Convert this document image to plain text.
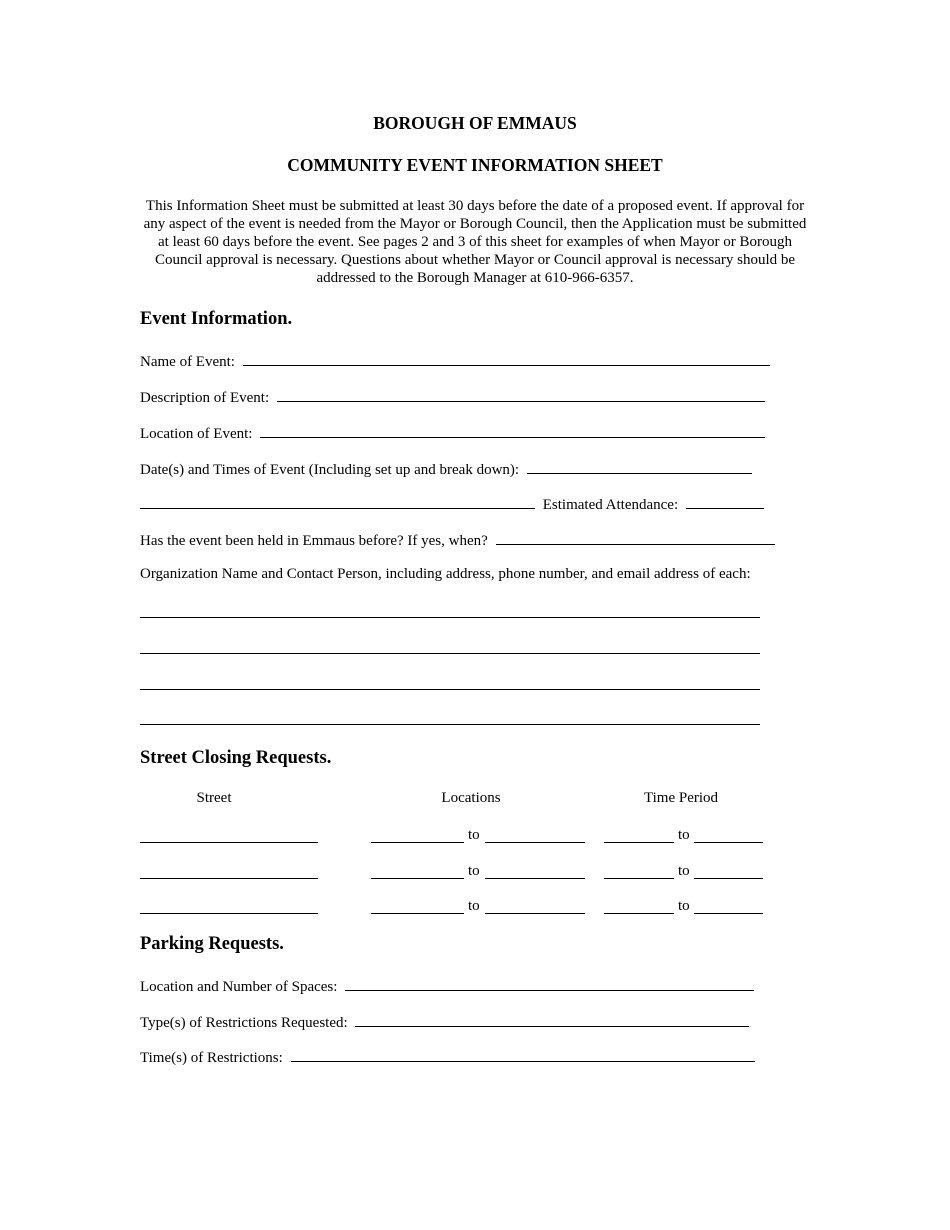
BOROUGH OF EMMAUS
COMMUNITY EVENT INFORMATION SHEET
This Information Sheet must be submitted at least 30 days before the date of a proposed event. If approval for any aspect of the event is needed from the Mayor or Borough Council, then the Application must be submitted at least 60 days before the event. See pages 2 and 3 of this sheet for examples of when Mayor or Borough Council approval is necessary. Questions about whether Mayor or Council approval is necessary should be addressed to the Borough Manager at 610-966-6357.
Event Information.
Name of Event:
Description of Event:
Location of Event:
Date(s) and Times of Event (Including set up and break down):
Estimated Attendance:
Has the event been held in Emmaus before? If yes, when?
Organization Name and Contact Person, including address, phone number, and email address of each:
Street Closing Requests.
Street	Locations	Time Period
to	to
to	to
to	to
Parking Requests.
Location and Number of Spaces:
Type(s) of Restrictions Requested:
Time(s) of Restrictions:
